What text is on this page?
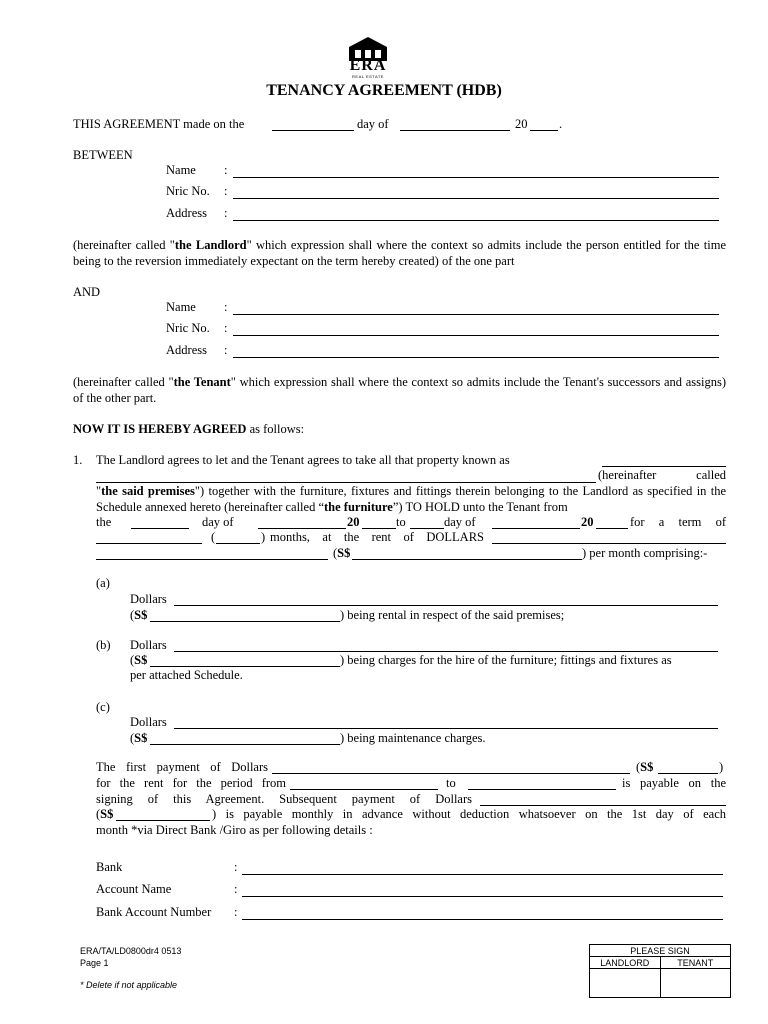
ERA
REAL ESTATE
TENANCY AGREEMENT (HDB)
THIS AGREEMENT made on the	day of	20	.
BETWEEN
Name :
Nric No. :
Address :
(hereinafter called "the Landlord" which expression shall where the context so admits include the person entitled for the time being to the reversion immediately expectant on the term hereby created) of the one part
AND
Name :
Nric No. :
Address :
(hereinafter called "the Tenant" which expression shall where the context so admits include the Tenant's successors and assigns) of the other part.
NOW IT IS HEREBY AGREED as follows:
1. The Landlord agrees to let and the Tenant agrees to take all that property known as
(hereinafter called
"the said premises") together with the furniture, fixtures and fittings therein belonging to the Landlord as specified in the Schedule annexed hereto (hereinafter called “the furniture”) TO HOLD unto the Tenant from
the	day of	20	to	day of	20	for a term of
(	) months, at the rent of DOLLARS
(S$	) per month comprising:-
(a)
Dollars
(S$	) being rental in respect of the said premises;
(b) Dollars
(S$	) being charges for the hire of the furniture; fittings and fixtures as
per attached Schedule.
(c)
Dollars
(S$	) being maintenance charges.
The first payment of Dollars	(S$	)
for the rent for the period from	to	is payable on the
signing of this Agreement. Subsequent payment of Dollars
(S$	) is payable monthly in advance without deduction whatsoever on the 1st day of each
month *via Direct Bank /Giro as per following details :
Bank	:
Account Name	:
Bank Account Number :
ERA/TA/LD0800dr4 0513
Page 1
* Delete if not applicable
PLEASE SIGN	
LANDLORD	TENANT
